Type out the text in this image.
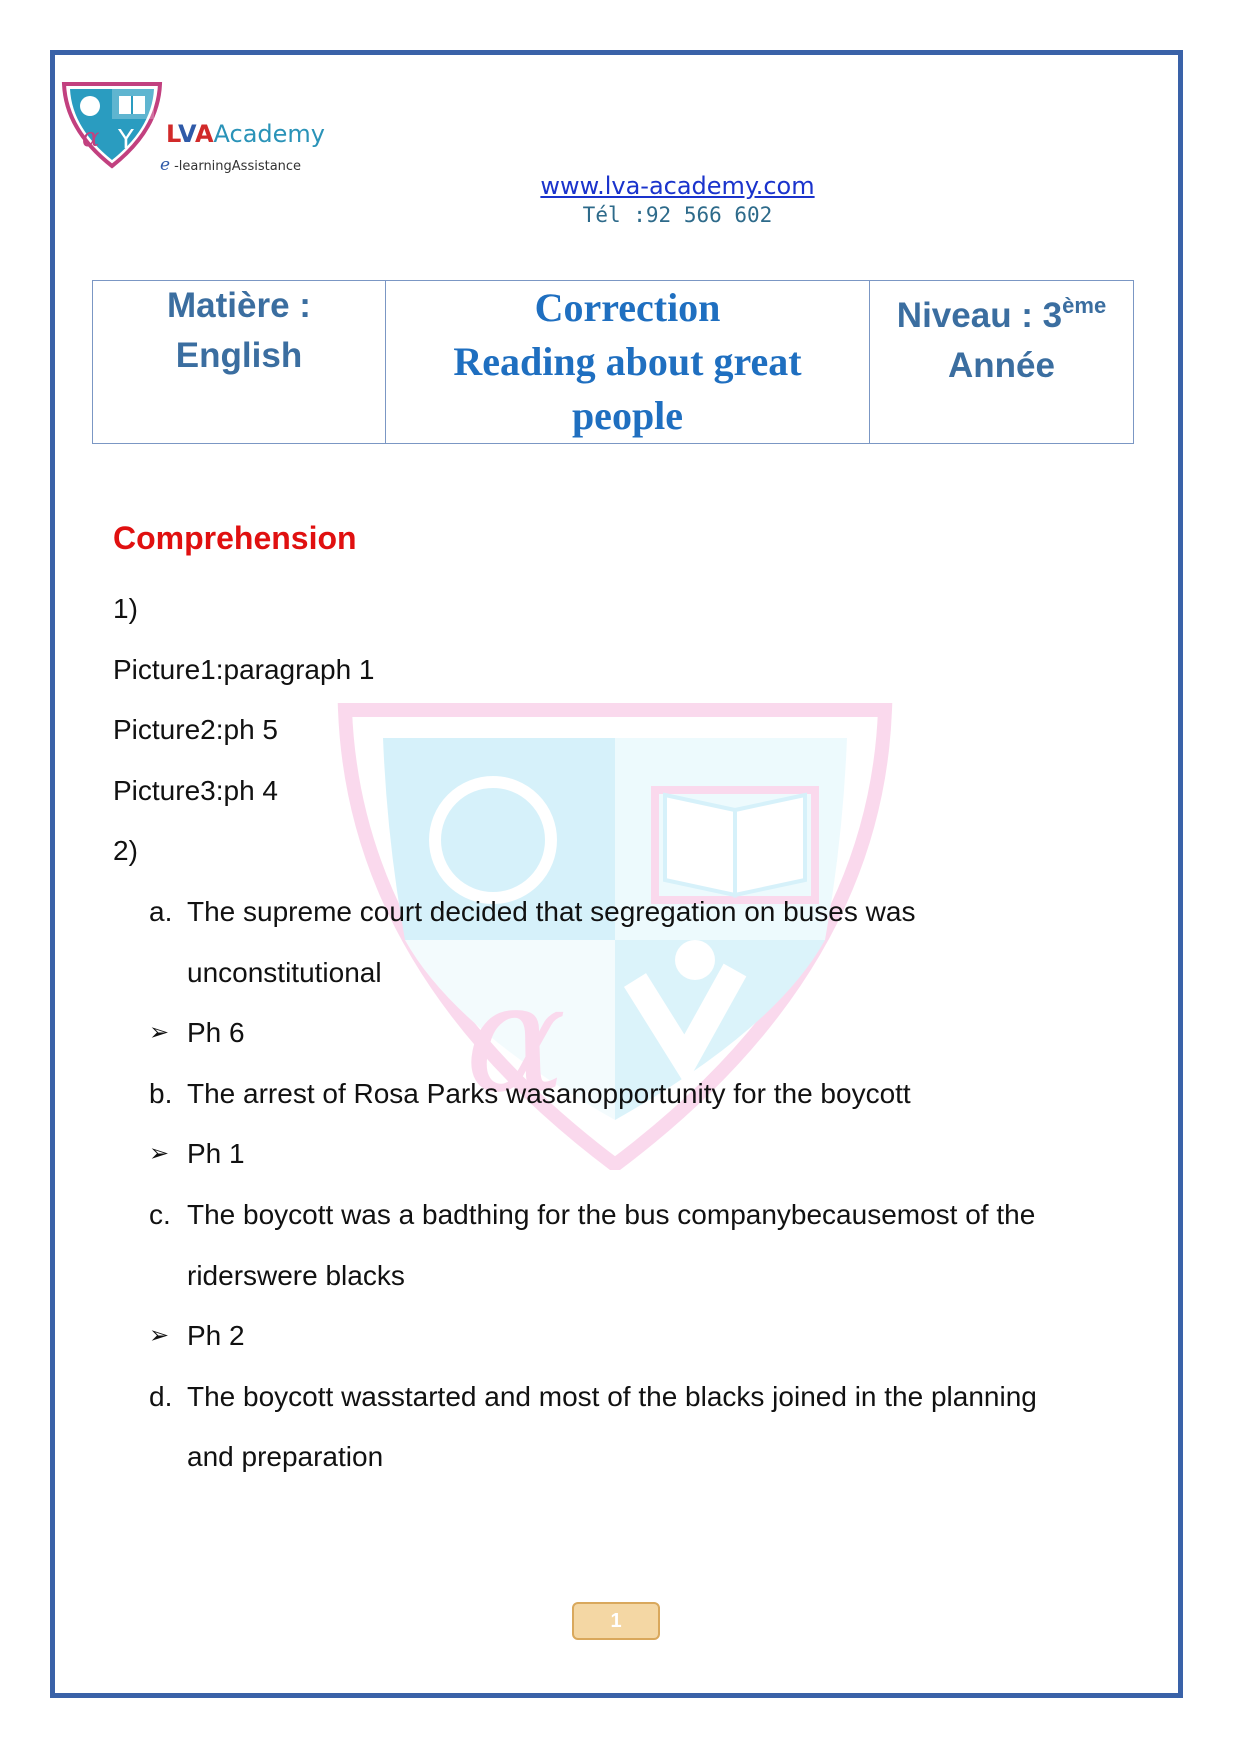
α Y LVAAcademy
e -learningAssistance
www.lva-academy.com
Tél :92 566 602
Matière :
English

Correction
Reading about great
people

Niveau : 3ème
Année
α
Comprehension
1)
Picture1:paragraph 1
Picture2:ph 5
Picture3:ph 4
2)
a. The supreme court decided that segregation on buses was
unconstitutional
➢ Ph 6
b. The arrest of Rosa Parks wasanopportunity for the boycott
➢ Ph 1
c. The boycott was a badthing for the bus companybecausemost of the
riderswere blacks
➢ Ph 2
d. The boycott wasstarted and most of the blacks joined in the planning
and preparation
1
